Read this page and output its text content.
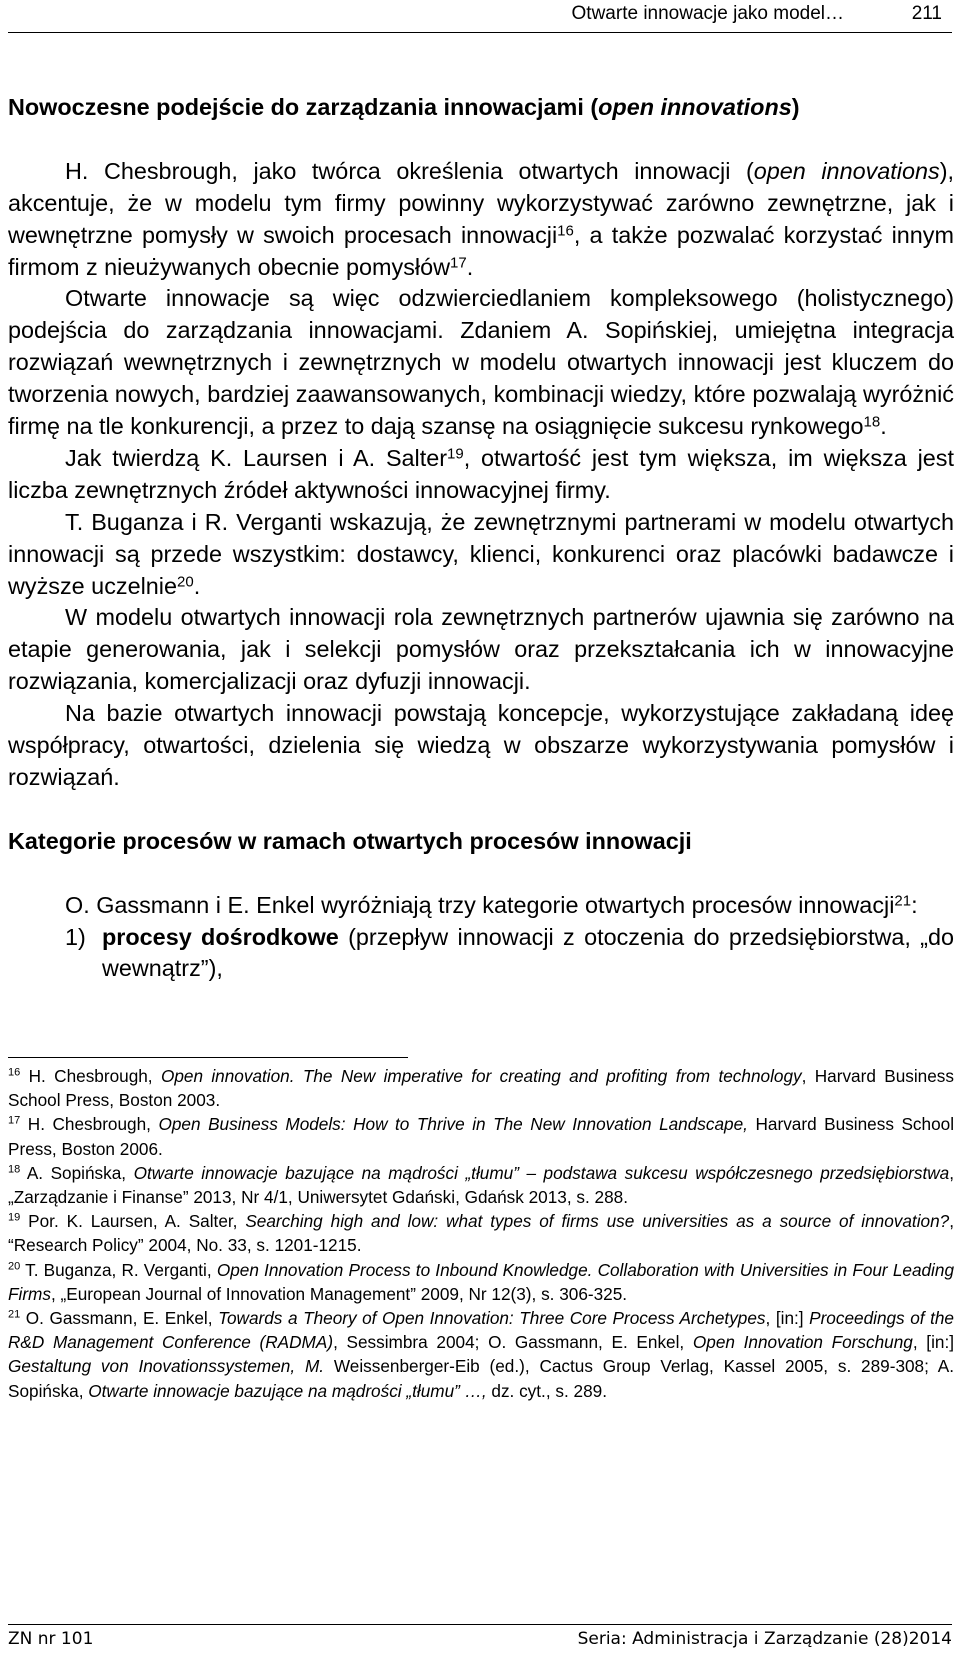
Otwarte innowacje jako model…	211
Nowoczesne podejście do zarządzania innowacjami (open innovations)

H. Chesbrough, jako twórca określenia otwartych innowacji (open innovations), akcentuje, że w modelu tym firmy powinny wykorzystywać zarówno zewnętrzne, jak i wewnętrzne pomysły w swoich procesach innowacji$^{16}$, a także pozwalać korzystać innym firmom z nieużywanych obecnie pomysłów$^{17}$.

Otwarte innowacje są więc odzwierciedlaniem kompleksowego (holistycznego) podejścia do zarządzania innowacjami. Zdaniem A. Sopińskiej, umiejętna integracja rozwiązań wewnętrznych i zewnętrznych w modelu otwartych innowacji jest kluczem do tworzenia nowych, bardziej zaawansowanych, kombinacji wiedzy, które pozwalają wyróżnić firmę na tle konkurencji, a przez to dają szansę na osiągnięcie sukcesu rynkowego$^{18}$.

Jak twierdzą K. Laursen i A. Salter$^{19}$, otwartość jest tym większa, im większa jest liczba zewnętrznych źródeł aktywności innowacyjnej firmy.

T. Buganza i R. Verganti wskazują, że zewnętrznymi partnerami w modelu otwartych innowacji są przede wszystkim: dostawcy, klienci, konkurenci oraz placówki badawcze i wyższe uczelnie$^{20}$.

W modelu otwartych innowacji rola zewnętrznych partnerów ujawnia się zarówno na etapie generowania, jak i selekcji pomysłów oraz przekształcania ich w innowacyjne rozwiązania, komercjalizacji oraz dyfuzji innowacji.

Na bazie otwartych innowacji powstają koncepcje, wykorzystujące zakładaną ideę współpracy, otwartości, dzielenia się wiedzą w obszarze wykorzystywania pomysłów i rozwiązań.

Kategorie procesów w ramach otwartych procesów innowacji

O. Gassmann i E. Enkel wyróżniają trzy kategorie otwartych procesów innowacji$^{21}$:

1) procesy dośrodkowe (przepływ innowacji z otoczenia do przedsiębiorstwa, „do wewnątrz”),

$^{16}$ H. Chesbrough, Open innovation. The New imperative for creating and profiting from technology, Harvard Business School Press, Boston 2003.

$^{17}$ H. Chesbrough, Open Business Models: How to Thrive in The New Innovation Landscape, Harvard Business School Press, Boston 2006.

$^{18}$ A. Sopińska, Otwarte innowacje bazujące na mądrości „tłumu” – podstawa sukcesu współczesnego przedsiębiorstwa, „Zarządzanie i Finanse” 2013, Nr 4/1, Uniwersytet Gdański, Gdańsk 2013, s. 288.

$^{19}$ Por. K. Laursen, A. Salter, Searching high and low: what types of firms use universities as a source of innovation?, “Research Policy” 2004, No. 33, s. 1201-1215.

$^{20}$ T. Buganza, R. Verganti, Open Innovation Process to Inbound Knowledge. Collaboration with Universities in Four Leading Firms, „European Journal of Innovation Management” 2009, Nr 12(3), s. 306-325.

$^{21}$ O. Gassmann, E. Enkel, Towards a Theory of Open Innovation: Three Core Process Archetypes, [in:] Proceedings of the R&D Management Conference (RADMA), Sessimbra 2004; O. Gassmann, E. Enkel, Open Innovation Forschung, [in:] Gestaltung von Inovationssystemen, M. Weissenberger-Eib (ed.), Cactus Group Verlag, Kassel 2005, s. 289-308; A. Sopińska, Otwarte innowacje bazujące na mądrości „tłumu” …, dz. cyt., s. 289.

ZN nr 101	Seria: Administracja i Zarządzanie (28)2014
